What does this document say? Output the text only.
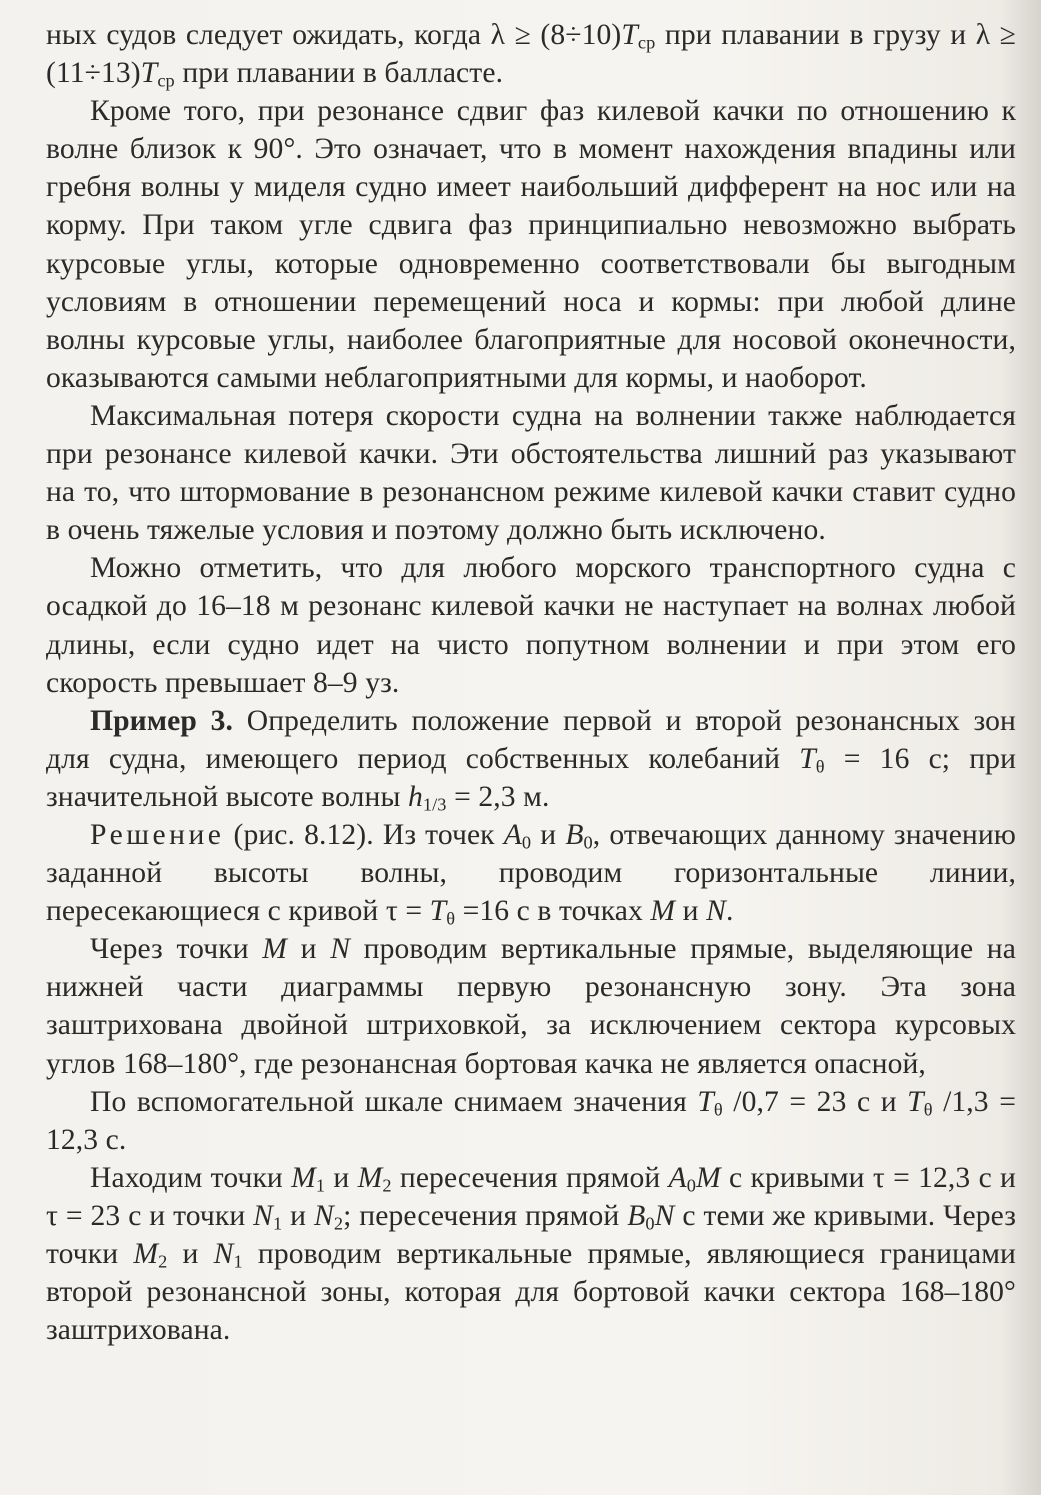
ных судов следует ожидать, когда $\lambda \ge (8\div 10)T_{ср}$ при плавании в грузу и $\lambda \ge (11\div 13)T_{ср}$ при плавании в балласте.

Кроме того, при резонансе сдвиг фаз килевой качки по отношению к волне близок к 90°. Это означает, что в момент нахождения впадины или гребня волны у миделя судно имеет наибольший дифферент на нос или на корму. При таком угле сдвига фаз принципиально невозможно выбрать курсовые углы, которые одновременно соответствовали бы выгодным условиям в отношении перемещений носа и кормы: при любой длине волны курсовые углы, наиболее благоприятные для носовой оконечности, оказываются самыми неблагоприятными для кормы, и наоборот.

Максимальная потеря скорости судна на волнении также наблюдается при резонансе килевой качки. Эти обстоятельства лишний раз указывают на то, что штормование в резонансном режиме килевой качки ставит судно в очень тяжелые условия и поэтому должно быть исключено.

Можно отметить, что для любого морского транспортного судна с осадкой до 16–18 м резонанс килевой качки не наступает на волнах любой длины, если судно идет на чисто попутном волнении и при этом его скорость превышает 8–9 уз.

Пример 3. Определить положение первой и второй резонансных зон для судна, имеющего период собственных колебаний $T_\theta = 16$ с; при значительной высоте волны $h_{1/3} = 2,3$ м.

Решение (рис. 8.12). Из точек $A_0$ и $B_0$, отвечающих данному значению заданной высоты волны, проводим горизонтальные линии, пересекающиеся с кривой $\tau = T_\theta =16$ с в точках M и N.

Через точки M и N проводим вертикальные прямые, выделяющие на нижней части диаграммы первую резонансную зону. Эта зона заштрихована двойной штриховкой, за исключением сектора курсовых углов 168–180°, где резонансная бортовая качка не является опасной,

По вспомогательной шкале снимаем значения $T_\theta$ /0,7 = 23 с и $T_\theta$ /1,3 = 12,3 с.

Находим точки $M_1$ и $M_2$ пересечения прямой $A_0M$ с кривыми τ = 12,3 с и τ = 23 с и точки $N_1$ и $N_2$; пересечения прямой $B_0N$ с теми же кривыми. Через точки $M_2$ и $N_1$ проводим вертикальные прямые, являющиеся границами второй резонансной зоны, которая для бортовой качки сектора 168–180° заштрихована.
